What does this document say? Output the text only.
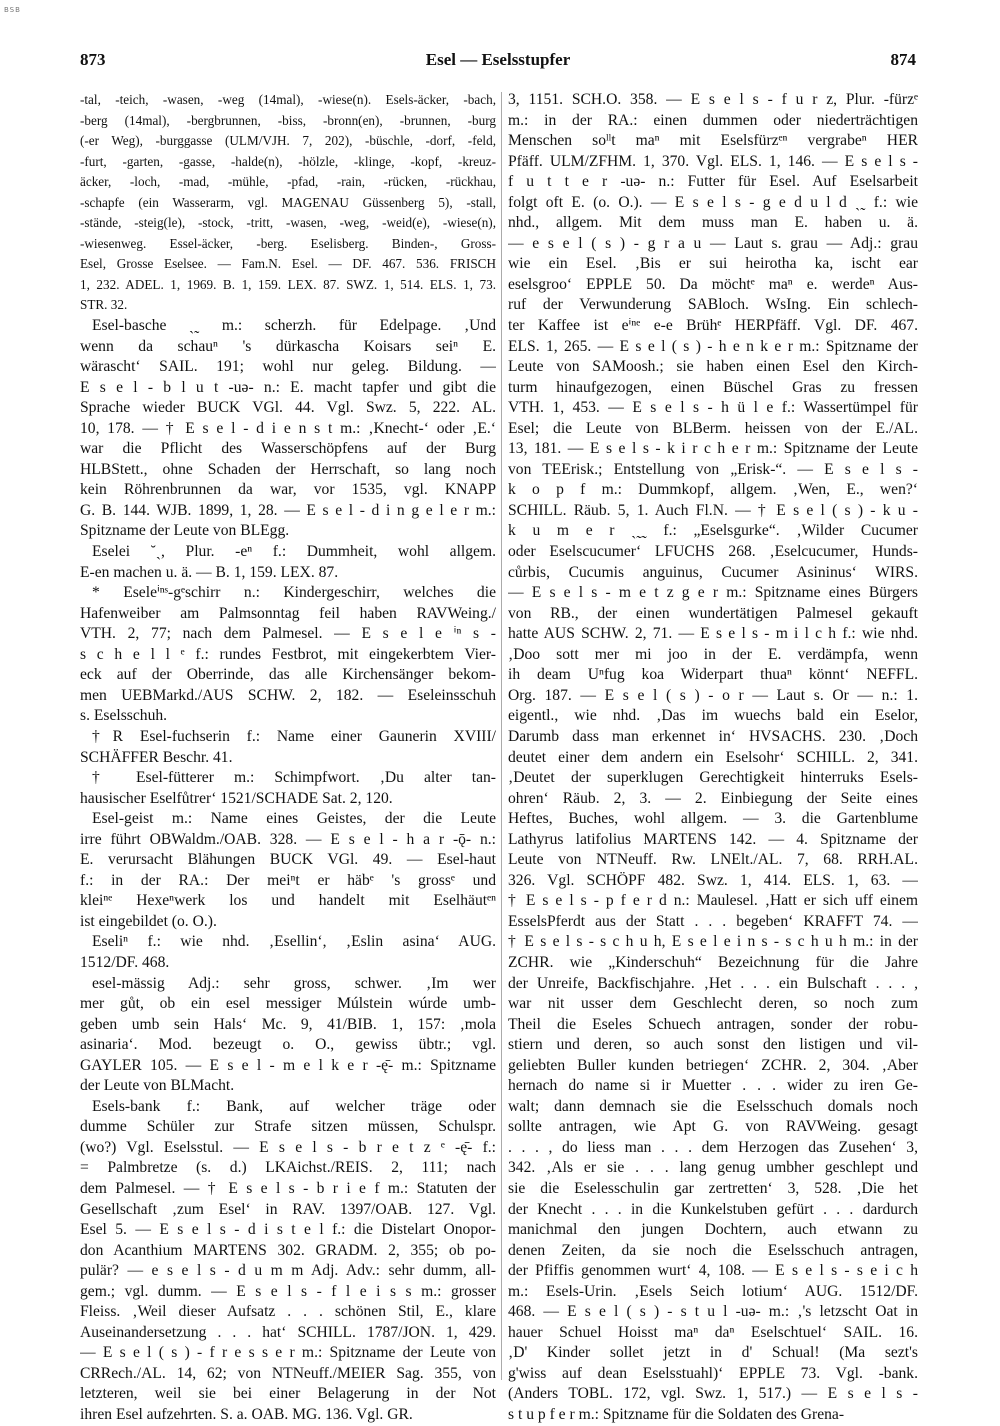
BSB
873	Esel — Eselsstupfer	874
-tal, -teich, -wasen, -weg (14mal), -wiese(n). Esels-äcker, -bach,
-berg (14mal), -bergbrunnen, -biss, -bronn(en), -brunnen, -burg
(-er Weg), -burggasse (ULM/VJH. 7, 202), -büschle, -dorf, -feld,
-furt, -garten, -gasse, -halde(n), -hölzle, -klinge, -kopf, -kreuz-
äcker, -loch, -mad, -mühle, -pfad, -rain, -rücken, -rückhau,
-schapfe (ein Wasserarm, vgl. MAGENAU Güssenberg 5), -stall,
-stände, -steig(le), -stock, -tritt, -wasen, -weg, -weid(e), -wiese(n),
-wiesenweg. Essel-äcker, -berg. Eselisberg. Binden-, Gross-
Esel, Grosse Eselsee. — Fam.N. Esel. — DF. 467. 536. FRISCH
1, 232. ADEL. 1, 1969. B. 1, 159. LEX. 87. SWZ. 1, 514. ELS. 1, 73.
STR. 32.
Esel-basche ˏ˷ m.: scherzh. für Edelpage. ‚Und
wenn da schauⁿ 's dürkascha Koisars seiⁿ E.
wäraschtʻ SAIL. 191; wohl nur geleg. Bildung. —
E s e l - b l u t -uə- n.: E. macht tapfer und gibt die
Sprache wieder BUCK VGl. 44. Vgl. Swz. 5, 222. AL.
10, 178. — † E s e l - d i e n s t m.: ‚Knecht-ʻ oder ‚E.ʻ
war die Pflicht des Wasserschöpfens auf der Burg
HLBStett., ohne Schaden der Herrschaft, so lang noch
kein Röhrenbrunnen da war, vor 1535, vgl. KNAPP
G. B. 144. WJB. 1899, 1, 28. — E s e l - d i n g e l e r m.:
Spitzname der Leute von BLEgg.
Eselei ˘ˏ, Plur. -eⁿ f.: Dummheit, wohl allgem.
E-en machen u. ä. — B. 1, 159. LEX. 87.
* Eseleⁱⁿˢ-gᵉschirr n.: Kindergeschirr, welches die
Hafenweiber am Palmsonntag feil haben RAVWeing./
VTH. 2, 77; nach dem Palmesel. — E s e l e ⁱⁿ s -
s c h e l l ᵉ f.: rundes Festbrot, mit eingekerbtem Vier-
eck auf der Oberrinde, das alle Kirchensänger bekom-
men UEBMarkd./AUS SCHW. 2, 182. — Eseleinsschuh
s. Eselsschuh.
†R Esel-fuchserin f.: Name einer Gaunerin XVIII/
SCHÄFFER Beschr. 41.
† Esel-fütterer m.: Schimpfwort. ‚Du alter tan-
hausischer Eselfůtrerʻ 1521/SCHADE Sat. 2, 120.
Esel-geist m.: Name eines Geistes, der die Leute
irre führt OBWaldm./OAB. 328. — E s e l - h a r -ǭ- n.:
E. verursacht Blähungen BUCK VGl. 49. — Esel-haut
f.: in der RA.: Der meiⁿt er häbᵉ 's grossᵉ und
kleiⁿᵉ Hexeⁿwerk los und handelt mit Eselhäutᵉⁿ
ist eingebildet (o. O.).
Eseliⁿ f.: wie nhd. ‚Esellinʻ, ‚Eslin asinaʻ AUG.
1512/DF. 468.
esel-mässig Adj.: sehr gross, schwer. ‚Im wer
mer gůt, ob ein esel messiger Múlstein wúrde umb-
geben umb sein Halsʻ Mc. 9, 41/BIB. 1, 157: ‚mola
asinariaʻ. Mod. bezeugt o. O., gewiss übtr.; vgl.
GAYLER 105. — E s e l - m e l k e r -ę̄- m.: Spitzname
der Leute von BLMacht.
Esels-bank f.: Bank, auf welcher träge oder
dumme Schüler zur Strafe sitzen müssen, Schulspr.
(wo?) Vgl. Eselsstul. — E s e l s - b r e t z ᵉ -ę̄- f.:
= Palmbretze (s. d.) LKAichst./REIS. 2, 111; nach
dem Palmesel. — † E s e l s - b r i e f m.: Statuten der
Gesellschaft ‚zum Eselʻ in RAV. 1397/OAB. 127. Vgl.
Esel 5. — E s e l s - d i s t e l f.: die Distelart Onopor-
don Acanthium MARTENS 302. GRADM. 2, 355; ob po-
pulär? — e s e l s - d u m m Adj. Adv.: sehr dumm, all-
gem.; vgl. dumm. — E s e l s - f l e i s s m.: grosser
Fleiss. ‚Weil dieser Aufsatz . . . schönen Stil, E., klare
Auseinandersetzung . . . hatʻ SCHILL. 1787/JON. 1, 429.
— E s e l ( s ) - f r e s s e r m.: Spitzname der Leute von
CRRech./AL. 14, 62; von NTNeuff./MEIER Sag. 355, von
letzteren, weil sie bei einer Belagerung in der Not
ihren Esel aufzehrten. S. a. OAB. MG. 136. Vgl. GR.
3, 1151. SCH.O. 358. — E s e l s - f u r z, Plur. -fürzᵉ
m.: in der RA.: einen dummen oder niederträchtigen
Menschen soˡˡt maⁿ mit Eselsfürzᵉⁿ vergrabeⁿ HER
Pfäff. ULM/ZFHM. 1, 370. Vgl. ELS. 1, 146. — E s e l s -
f u t t e r -uə- n.: Futter für Esel. Auf Eselsarbeit
folgt oft E. (o. O.). — E s e l s - g e d u l d ˏ˷ f.: wie
nhd., allgem. Mit dem muss man E. haben u. ä.
— e s e l ( s ) - g r a u — Laut s. grau — Adj.: grau
wie ein Esel. ‚Bis er sui heirotha ka, ischt ear
eselsgrooʻ EPPLE 50. Da möchtᵉ maⁿ e. werdeⁿ Aus-
ruf der Verwunderung SABloch. WsIng. Ein schlech-
ter Kaffee ist eⁱⁿᵉ e-e Brühᵉ HERPfäff. Vgl. DF. 467.
ELS. 1, 265. — E s e l ( s ) - h e n k e r m.: Spitzname der
Leute von SAMoosh.; sie haben einen Esel den Kirch-
turm hinaufgezogen, einen Büschel Gras zu fressen
VTH. 1, 453. — E s e l s - h ü l e f.: Wassertümpel für
Esel; die Leute von BLBerm. heissen von der E./AL.
13, 181. — E s e l s - k i r c h e r m.: Spitzname der Leute
von TEErisk.; Entstellung von „Erisk-“. — E s e l s -
k o p f m.: Dummkopf, allgem. ‚Wen, E., wen?ʻ
SCHILL. Räub. 5, 1. Auch Fl.N. — † E s e l ( s ) - k u -
k u m e r ˏ˷˷ f.: „Eselsgurke“. ‚Wilder Cucumer
oder Eselscucumerʻ LFUCHS 268. ‚Eselcucumer, Hunds-
cůrbis, Cucumis anguinus, Cucumer Asininusʻ WIRS.
— E s e l s - m e t z g e r m.: Spitzname eines Bürgers
von RB., der einen wundertätigen Palmesel gekauft
hatte AUS SCHW. 2, 71. — E s e l s - m i l c h f.: wie nhd.
‚Doo sott mer mi joo in der E. verdämpfa, wenn
ih deam Uⁿfug koa Widerpart thuaⁿ könntʻ NEFFL.
Org. 187. — E s e l ( s ) - o r — Laut s. Or — n.: 1.
eigentl., wie nhd. ‚Das im wuechs bald ein Eselor,
Darumb dass man erkennet inʻ HVSACHS. 230. ‚Doch
deutet einer dem andern ein Eselsohrʻ SCHILL. 2, 341.
‚Deutet der superklugen Gerechtigkeit hinterruks Esels-
ohrenʻ Räub. 2, 3. — 2. Einbiegung der Seite eines
Heftes, Buches, wohl allgem. — 3. die Gartenblume
Lathyrus latifolius MARTENS 142. — 4. Spitzname der
Leute von NTNeuff. Rw. LNElt./AL. 7, 68. RRH.AL.
326. Vgl. SCHÖPF 482. Swz. 1, 414. ELS. 1, 63. —
† E s e l s - p f e r d n.: Maulesel. ‚Hatt er sich uff einem
EsselsPferdt aus der Statt . . . begebenʻ KRAFFT 74. —
† E s e l s - s c h u h, E s e l e i n s - s c h u h m.: in der
ZCHR. wie „Kinderschuh“ Bezeichnung für die Jahre
der Unreife, Backfischjahre. ‚Het . . . ein Bulschaft . . . ,
war nit usser dem Geschlecht deren, so noch zum
Theil die Eseles Schuech antragen, sonder der robu-
stiern und deren, so auch sonst den listigen und vil-
geliebten Buller kunden betriegenʻ ZCHR. 2, 304. ‚Aber
hernach do name si ir Muetter . . . wider zu iren Ge-
walt; dann demnach sie die Eselsschuch domals noch
sollte antragen, wie Apt G. von RAVWeing. gesagt
. . . , do liess man . . . dem Herzogen das Zusehenʻ 3,
342. ‚Als er sie . . . lang genug umbher geschlept und
sie die Eselesschulin gar zertrettenʻ 3, 528. ‚Die het
der Knecht . . . in die Kunkelstuben gefürt . . . dardurch
manichmal den jungen Dochtern, auch etwann zu
denen Zeiten, da sie noch die Eselsschuch antragen,
der Pfiffis genommen wurtʻ 4, 108. — E s e l s - s e i c h
m.: Esels-Urin. ‚Esels Seich lotiumʻ AUG. 1512/DF.
468. — E s e l ( s ) - s t u l -uə- m.: ‚'s letzscht Oat in
hauer Schuel Hoisst maⁿ daⁿ Eselschtuelʻ SAIL. 16.
‚D' Kinder sollet jetzt in d' Schual! (Ma sezt's
g'wiss auf dean Eselsstuahl)ʻ EPPLE 73. Vgl. -bank.
(Anders TOBL. 172, vgl. Swz. 1, 517.) — E s e l s -
s t u p f e r m.: Spitzname für die Soldaten des Grena-
